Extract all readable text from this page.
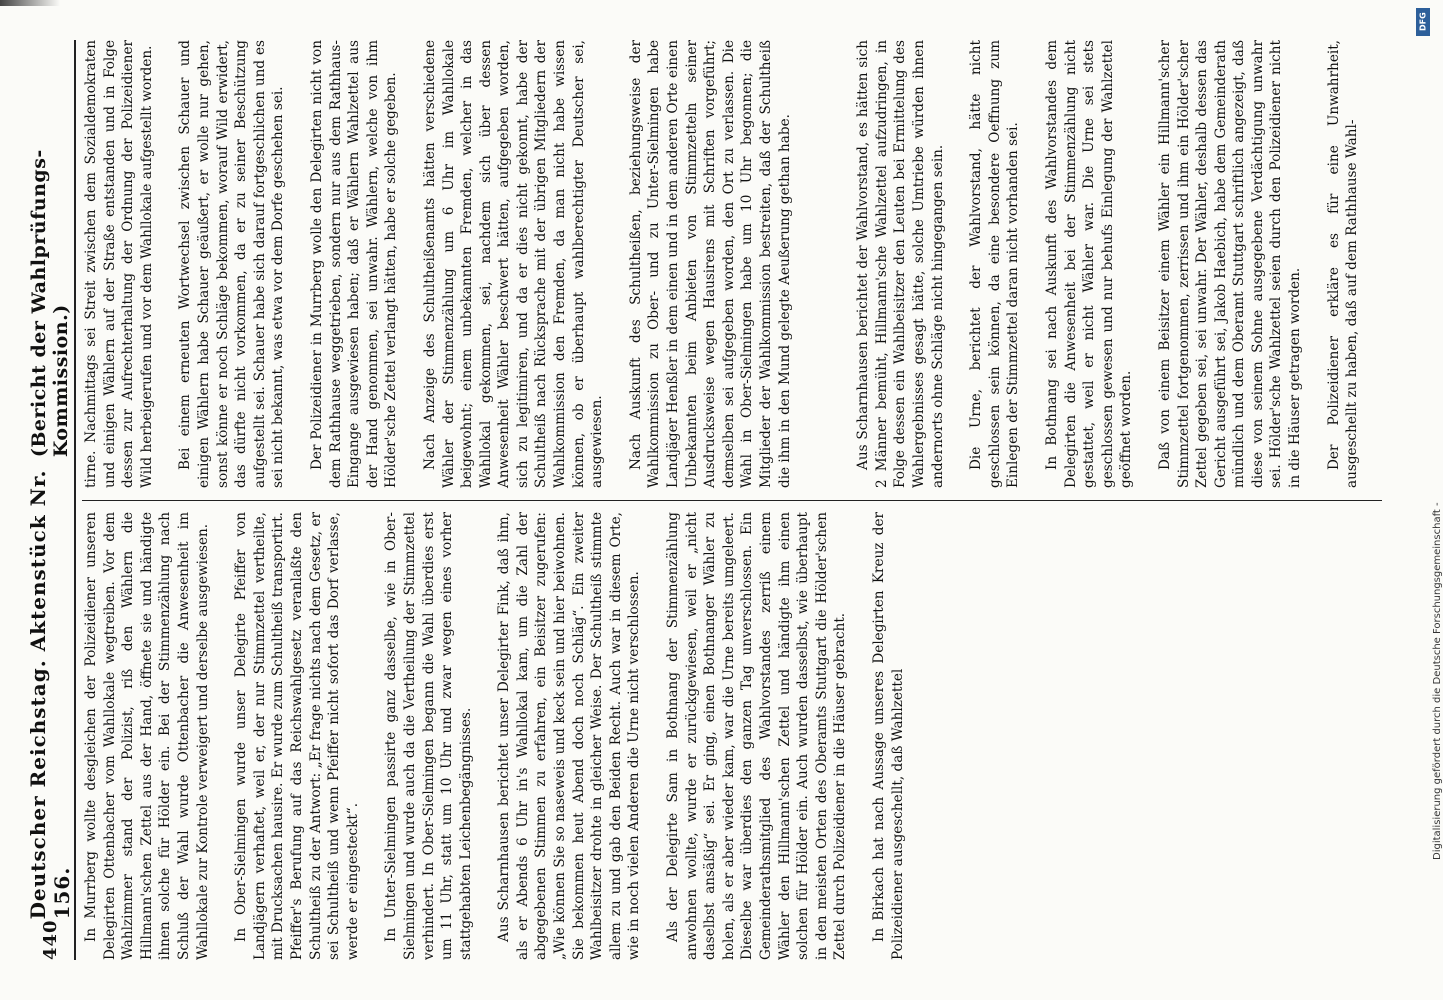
440
Deutscher Reichstag. Aktenstück Nr. 156.
(Bericht der Wahlprüfungs-Kommission.)

In Murrberg wollte desgleichen der Polizeidiener unseren Delegirten Ottenbacher vom Wahllokale wegtreiben. Vor dem Wahlzimmer stand der Polizist, riß den Wählern die Hillmann'schen Zettel aus der Hand, öffnete sie und händigte ihnen solche für Hölder ein. Bei der Stimmenzählung nach Schluß der Wahl wurde Ottenbacher die Anwesenheit im Wahllokale zur Kontrole verweigert und derselbe ausgewiesen. In Ober-Sielmingen wurde unser Delegirte Pfeiffer von Landjägern verhaftet, weil er, der nur Stimmzettel vertheilte, mit Drucksachen hausire. Er wurde zum Schultheiß transportirt. Pfeiffer's Berufung auf das Reichswahlgesetz veranlaßte den Schultheiß zu der Antwort: „Er frage nichts nach dem Gesetz, er sei Schultheiß und wenn Pfeiffer nicht sofort das Dorf verlasse, werde er eingesteckt“. In Unter-Sielmingen passirte ganz dasselbe, wie in Ober-Sielmingen und wurde auch da die Vertheilung der Stimmzettel verhindert. In Ober-Sielmingen begann die Wahl überdies erst um 11 Uhr, statt um 10 Uhr und zwar wegen eines vorher stattgehabten Leichenbegängnisses. Aus Scharnhausen berichtet unser Delegirter Fink, daß ihm, als er Abends 6 Uhr in's Wahllokal kam, um die Zahl der abgegebenen Stimmen zu erfahren, ein Beisitzer zugerufen: „Wie können Sie so naseweis und keck sein und hier beiwohnen. Sie bekommen heut Abend doch noch Schläg“. Ein zweiter Wahlbeisitzer drohte in gleicher Weise. Der Schultheiß stimmte allem zu und gab den Beiden Recht. Auch war in diesem Orte, wie in noch vielen Anderen die Urne nicht verschlossen. Als der Delegirte Sam in Bothnang der Stimmenzählung anwohnen wollte, wurde er zurückgewiesen, weil er „nicht daselbst ansäßig“ sei. Er ging, einen Bothnanger Wähler zu holen, als er aber wieder kam, war die Urne bereits umgeleert. Dieselbe war überdies den ganzen Tag unverschlossen. Ein Gemeinderathsmitglied des Wahlvorstandes zerriß einem Wähler den Hillmann'schen Zettel und händigte ihm einen solchen für Hölder ein. Auch wurden dasselbst, wie überhaupt in den meisten Orten des Oberamts Stuttgart die Hölder'schen Zettel durch Polizeidiener in die Häuser gebracht. In Birkach hat nach Aussage unseres Delegirten Kreuz der Polizeidiener ausgeschellt, daß Wahlzettel

tirne. Nachmittags sei Streit zwischen dem Sozialdemokraten und einigen Wählern auf der Straße entstanden und in Folge dessen zur Aufrechterhaltung der Ordnung der Polizeidiener Wild herbeigerufen und vor dem Wahllokale aufgestellt worden. Bei einem erneuten Wortwechsel zwischen Schauer und einigen Wählern habe Schauer geäußert, er wolle nur gehen, sonst könne er noch Schläge bekommen, worauf Wild erwidert, das dürfte nicht vorkommen, da er zu seiner Beschützung aufgestellt sei. Schauer habe sich darauf fortgeschlichen und es sei nicht bekannt, was etwa vor dem Dorfe geschehen sei. Der Polizeidiener in Murrberg wolle den Delegirten nicht von dem Rathhause weggetrieben, sondern nur aus dem Rathhaus-Eingange ausgewiesen haben; daß er Wählern Wahlzettel aus der Hand genommen, sei unwahr. Wählern, welche von ihm Hölder'sche Zettel verlangt hätten, habe er solche gegeben. Nach Anzeige des Schultheißenamts hätten verschiedene Wähler der Stimmenzählung um 6 Uhr im Wahllokale beigewohnt; einem unbekannten Fremden, welcher in das Wahllokal gekommen, sei, nachdem sich über dessen Anwesenheit Wähler beschwert hätten, aufgegeben worden, sich zu legitimiren, und da er dies nicht gekonnt, habe der Schultheiß nach Rücksprache mit der übrigen Mitgliedern der Wahlkommission den Fremden, da man nicht habe wissen können, ob er überhaupt wahlberechtigter Deutscher sei, ausgewiesen. Nach Auskunft des Schultheißen, beziehungsweise der Wahlkommission zu Ober- und zu Unter-Sielmingen habe Landjäger Henßler in dem einen und in dem anderen Orte einen Unbekannten beim Anbieten von Stimmzetteln seiner Ausdrucksweise wegen Hausirens mit Schriften vorgeführt; demselben sei aufgegeben worden, den Ort zu verlassen. Die Wahl in Ober-Sielmingen habe um 10 Uhr begonnen; die Mitglieder der Wahlkommission bestreiten, daß der Schultheiß die ihm in den Mund gelegte Aeußerung gethan habe.	Aus Scharnhausen berichtet der Wahlvorstand, es hätten sich 2 Männer bemüht, Hillmann'sche Wahlzettel aufzudringen, in Folge dessen ein Wahlbeisitzer den Leuten bei Ermittelung des Wahlergebnisses gesagt hätte, solche Umtriebe würden ihnen andernorts ohne Schläge nicht hingegangen sein. Die Urne, berichtet der Wahlvorstand, hätte nicht geschlossen sein können, da eine besondere Oeffnung zum Einlegen der Stimmzettel daran nicht vorhanden sei. In Bothnang sei nach Auskunft des Wahlvorstandes dem Delegirten die Anwesenheit bei der Stimmenzählung nicht gestattet, weil er nicht Wähler war. Die Urne sei stets geschlossen gewesen und nur behufs Einlegung der Wahlzettel geöffnet worden. Daß von einem Beisitzer einem Wähler ein Hillmann'scher Stimmzettel fortgenommen, zerrissen und ihm ein Hölder'scher Zettel gegeben sei, sei unwahr. Der Wähler, deshalb dessen das Gericht ausgeführt sei, Jakob Haebich, habe dem Gemeinderath mündlich und dem Oberamt Stuttgart schriftlich angezeigt, daß diese von seinem Sohne ausgegebene Verdächtigung unwahr sei. Hölder'sche Wahlzettel seien durch den Polizeidiener nicht in die Häuser getragen worden. Der Polizeidiener erkläre es für eine Unwahrheit, ausgeschellt zu haben, daß auf dem Rathhause Wahl-

Digitalisierung gefördert durch die Deutsche Forschungsgemeinschaft -
DFG
